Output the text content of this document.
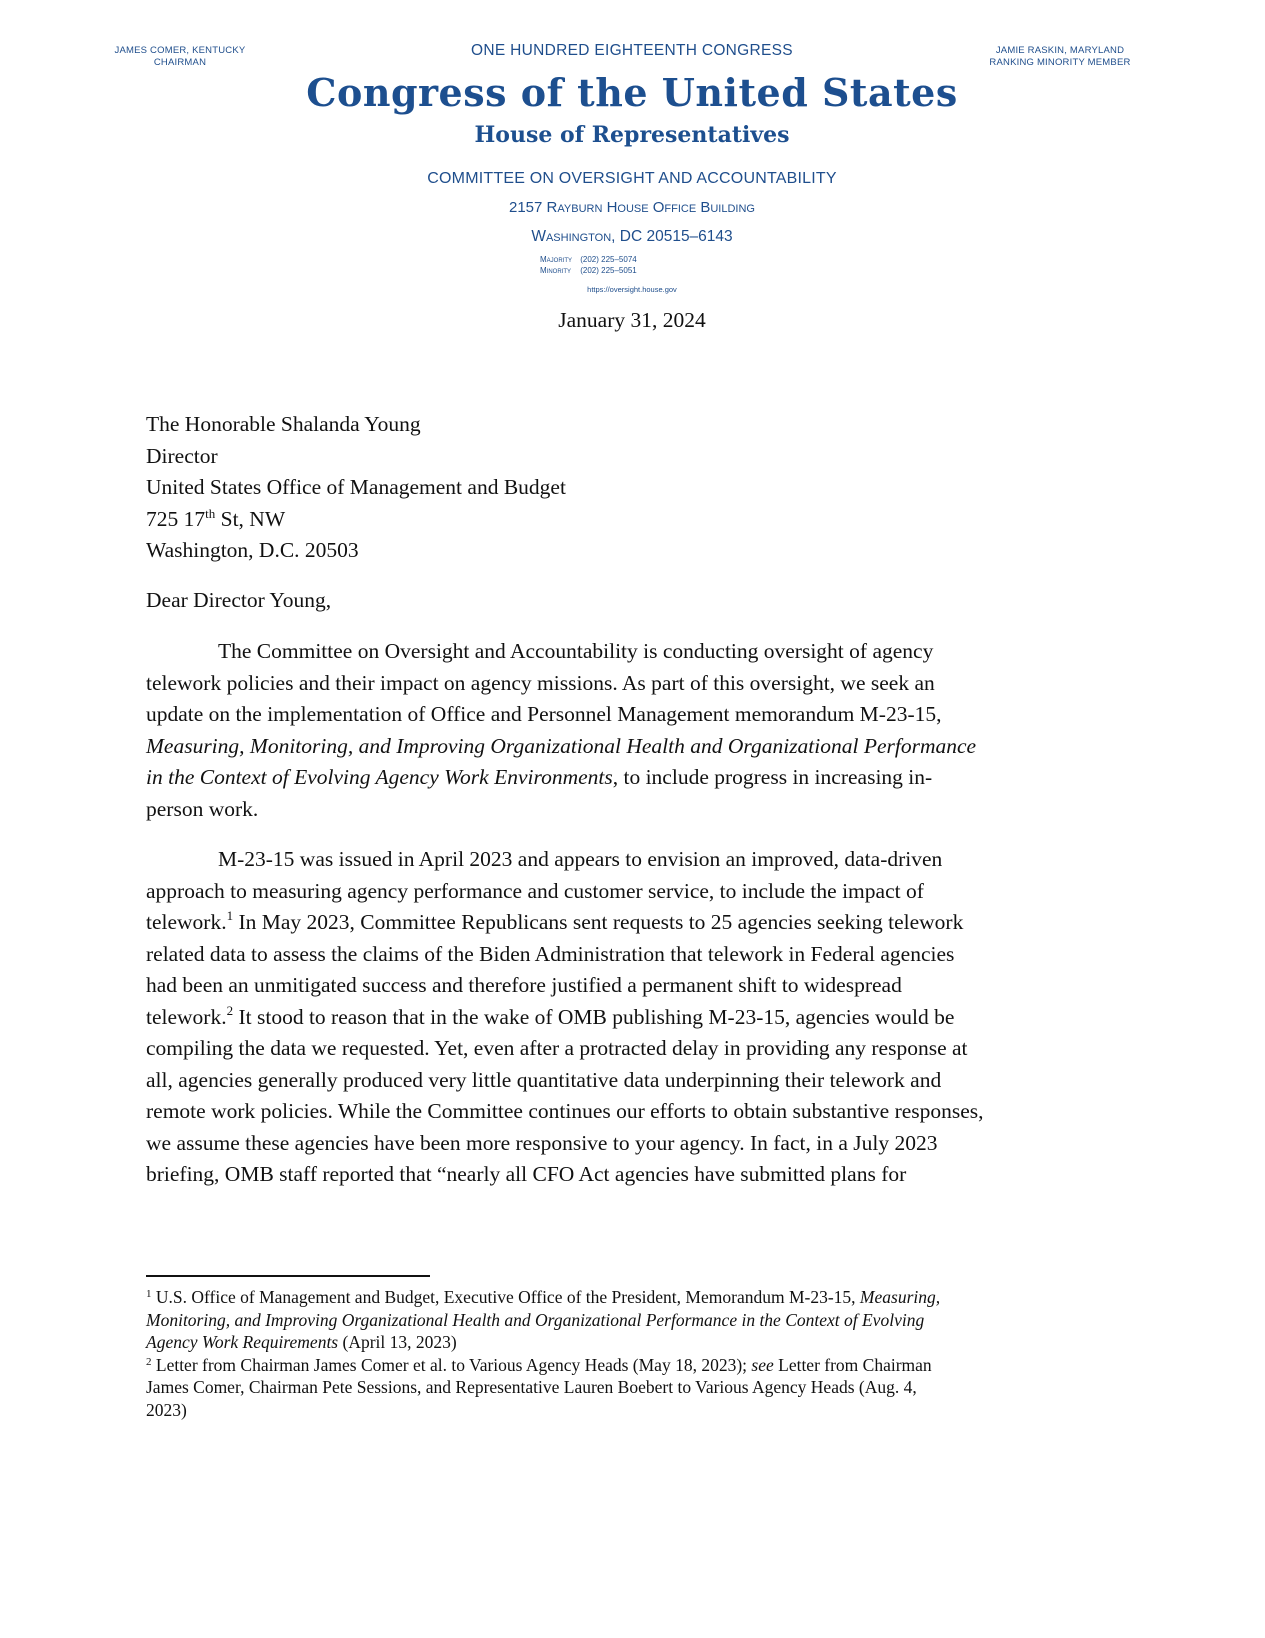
JAMES COMER, KENTUCKY
CHAIRMAN
JAMIE RASKIN, MARYLAND
RANKING MINORITY MEMBER
ONE HUNDRED EIGHTEENTH CONGRESS
Congress of the United States
House of Representatives
COMMITTEE ON OVERSIGHT AND ACCOUNTABILITY
2157 Rayburn House Office Building
Washington, DC 20515–6143
Majority (202) 225–5074
Minority (202) 225–5051
https://oversight.house.gov
January 31, 2024
The Honorable Shalanda Young
Director
United States Office of Management and Budget
725 17th St, NW
Washington, D.C. 20503
Dear Director Young,
The Committee on Oversight and Accountability is conducting oversight of agency
telework policies and their impact on agency missions. As part of this oversight, we seek an
update on the implementation of Office and Personnel Management memorandum M-23-15,
Measuring, Monitoring, and Improving Organizational Health and Organizational Performance
in the Context of Evolving Agency Work Environments, to include progress in increasing in-
person work.
M-23-15 was issued in April 2023 and appears to envision an improved, data-driven
approach to measuring agency performance and customer service, to include the impact of
telework.$^1$ In May 2023, Committee Republicans sent requests to 25 agencies seeking telework
related data to assess the claims of the Biden Administration that telework in Federal agencies
had been an unmitigated success and therefore justified a permanent shift to widespread
telework.$^2$ It stood to reason that in the wake of OMB publishing M-23-15, agencies would be
compiling the data we requested. Yet, even after a protracted delay in providing any response at
all, agencies generally produced very little quantitative data underpinning their telework and
remote work policies. While the Committee continues our efforts to obtain substantive responses,
we assume these agencies have been more responsive to your agency. In fact, in a July 2023
briefing, OMB staff reported that “nearly all CFO Act agencies have submitted plans for
$^1$ U.S. Office of Management and Budget, Executive Office of the President, Memorandum M-23-15, Measuring,
Monitoring, and Improving Organizational Health and Organizational Performance in the Context of Evolving
Agency Work Requirements (April 13, 2023)
$^2$ Letter from Chairman James Comer et al. to Various Agency Heads (May 18, 2023); see Letter from Chairman
James Comer, Chairman Pete Sessions, and Representative Lauren Boebert to Various Agency Heads (Aug. 4,
2023)
